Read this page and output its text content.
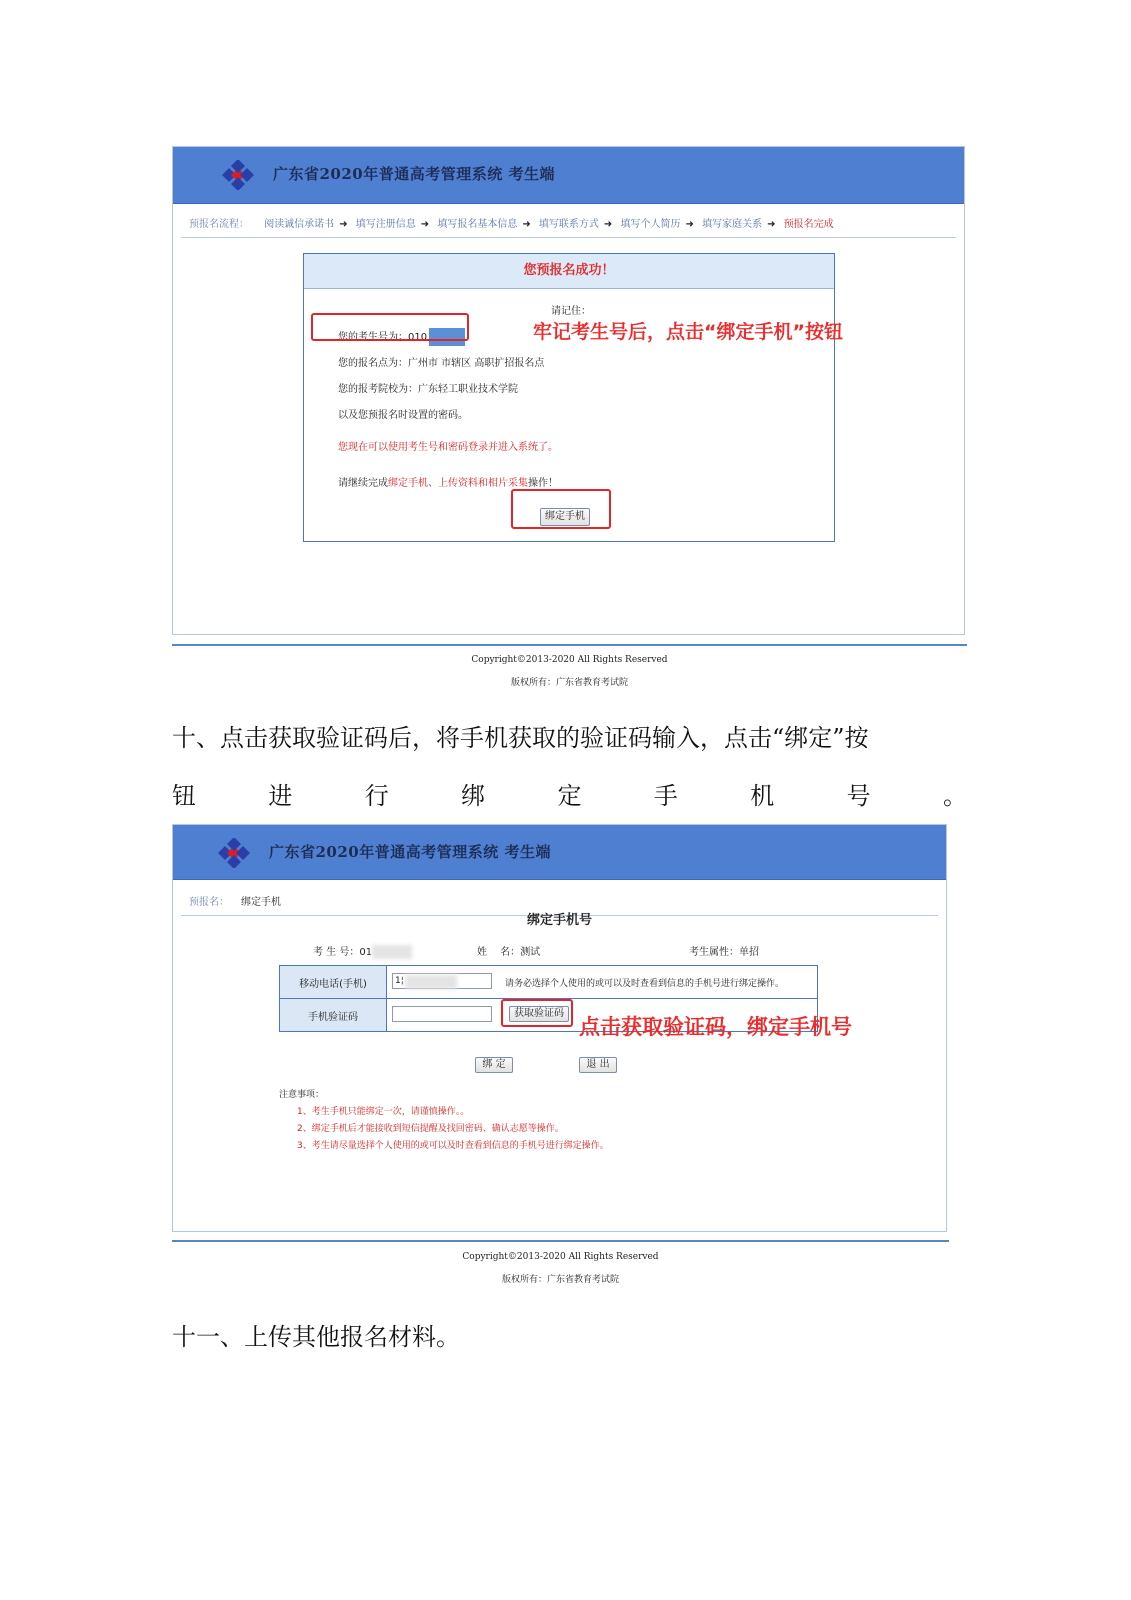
广东省2020年普通高考管理系统 考生端
预报名流程： 阅读诚信承诺书 ➜ 填写注册信息 ➜ 填写报名基本信息 ➜ 填写联系方式 ➜ 填写个人简历 ➜ 填写家庭关系 ➜ 预报名完成
您预报名成功！
请记住：
您的考生号为：010
您的报名点为：广州市 市辖区 高职扩招报名点
您的报考院校为：广东轻工职业技术学院
以及您预报名时设置的密码。
您现在可以使用考生号和密码登录并进入系统了。
请继续完成绑定手机、上传资料和相片采集操作！
绑定手机
牢记考生号后，点击“绑定手机”按钮
Copyright©2013-2020 All Rights Reserved
版权所有：广东省教育考试院
十、点击获取验证码后，将手机获取的验证码输入，点击“绑定”按
钮	进	行	绑	定	手	机	号	。
广东省2020年普通高考管理系统 考生端
预报名： 绑定手机
绑定手机号
考 生 号：01	姓　 名：测试	考生属性：单招
移动电话(手机)	1¦ 请务必选择个人使用的或可以及时查看到信息的手机号进行绑定操作。

手机验证码	获取验证码
点击获取验证码，绑定手机号
绑 定	退 出
注意事项：
1、考生手机只能绑定一次，请谨慎操作。。
2、绑定手机后才能接收到短信提醒及找回密码、确认志愿等操作。
3、考生请尽量选择个人使用的或可以及时查看到信息的手机号进行绑定操作。
Copyright©2013-2020 All Rights Reserved
版权所有：广东省教育考试院
十一、上传其他报名材料。
